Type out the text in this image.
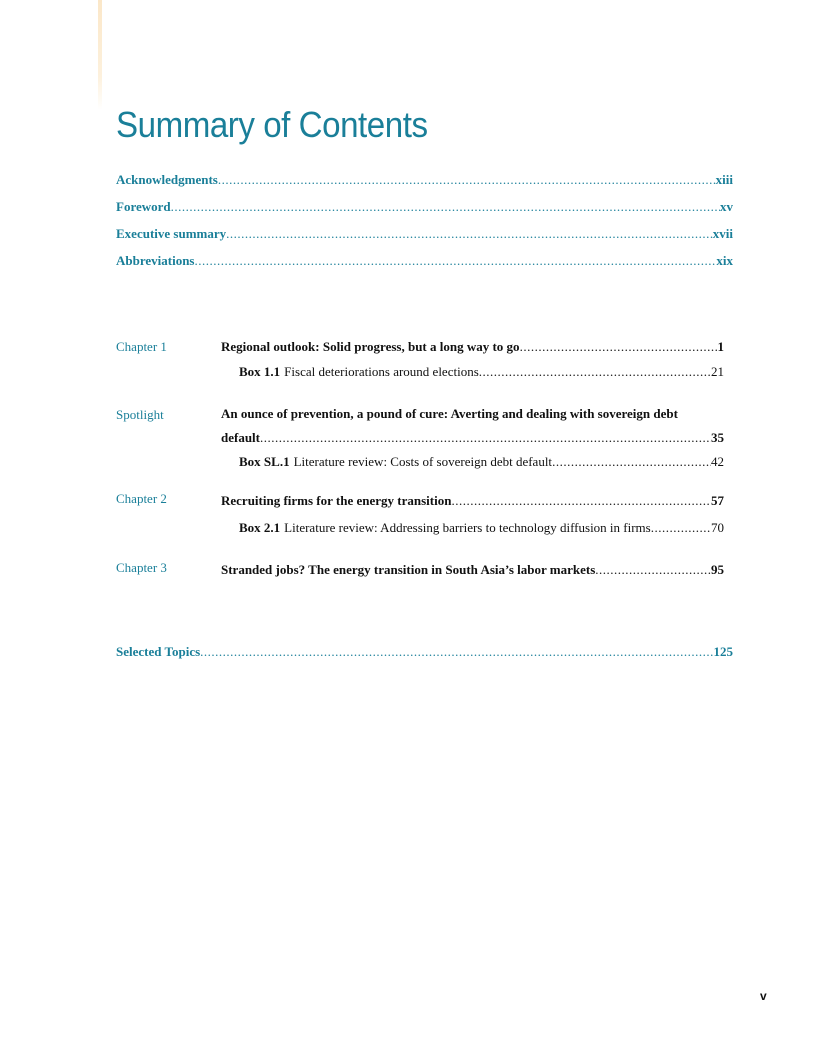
Summary of Contents
Acknowledgments .....	xiii
Foreword .....	xv
Executive summary .....	xvii
Abbreviations .....	xix
Chapter 1	Regional outlook: Solid progress, but a long way to go .....	1
Box 1.1 Fiscal deteriorations around elections .....	21
Spotlight	An ounce of prevention, a pound of cure: Averting and dealing with sovereign debt
default .....	35
Box SL.1 Literature review: Costs of sovereign debt default .....	42
Chapter 2	Recruiting firms for the energy transition .....	57
Box 2.1 Literature review: Addressing barriers to technology diffusion in firms .....	70
Chapter 3	Stranded jobs? The energy transition in South Asia’s labor markets .....	95
Selected Topics .....	125
v
